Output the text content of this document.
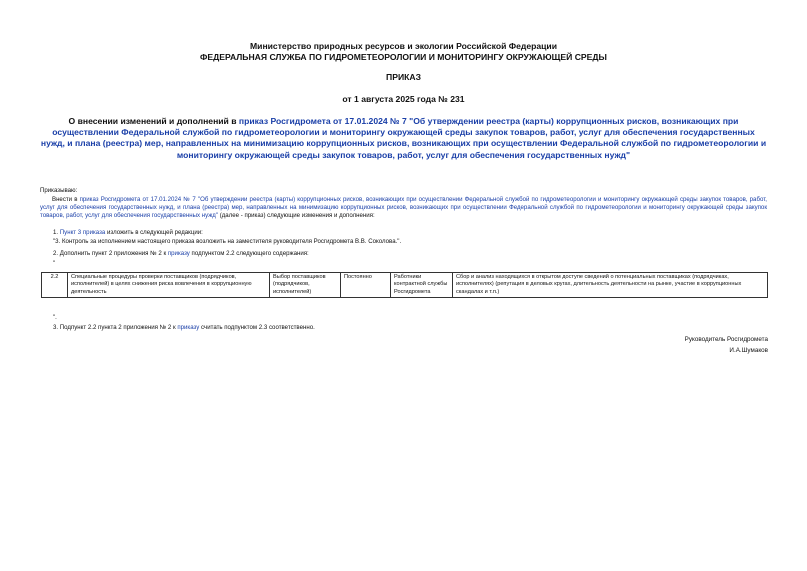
Министерство природных ресурсов и экологии Российской Федерации
ФЕДЕРАЛЬНАЯ СЛУЖБА ПО ГИДРОМЕТЕОРОЛОГИИ И МОНИТОРИНГУ ОКРУЖАЮЩЕЙ СРЕДЫ
ПРИКАЗ
от 1 августа 2025 года № 231
О внесении изменений и дополнений в приказ Росгидромета от 17.01.2024 № 7 "Об утверждении реестра (карты) коррупционных рисков, возникающих при осуществлении Федеральной службой по гидрометеорологии и мониторингу окружающей среды закупок товаров, работ, услуг для обеспечения государственных нужд, и плана (реестра) мер, направленных на минимизацию коррупционных рисков, возникающих при осуществлении Федеральной службой по гидрометеорологии и мониторингу окружающей среды закупок товаров, работ, услуг для обеспечения государственных нужд"
Приказываю:
Внести в приказ Росгидромета от 17.01.2024 № 7 "Об утверждении реестра (карты) коррупционных рисков, возникающих при осуществлении Федеральной службой по гидрометеорологии и мониторингу окружающей среды закупок товаров, работ, услуг для обеспечения государственных нужд, и плана (реестра) мер, направленных на минимизацию коррупционных рисков, возникающих при осуществлении Федеральной службой по гидрометеорологии и мониторингу окружающей среды закупок товаров, работ, услуг для обеспечения государственных нужд" (далее - приказ) следующие изменения и дополнения:
1. Пункт 3 приказа изложить в следующей редакции:
"3. Контроль за исполнением настоящего приказа возложить на заместителя руководителя Росгидромета В.В. Соколова.".
2. Дополнить пункт 2 приложения № 2 к приказу подпунктом 2.2 следующего содержания:
"
2.2	Специальные процедуры проверки поставщиков (подрядчиков, исполнителей) в целях снижения риска вовлечения в коррупционную деятельность	Выбор поставщиков (подрядчиков, исполнителей)	Постоянно	Работники контрактной службы Росгидромета	Сбор и анализ находящихся в открытом доступе сведений о потенциальных поставщиках (подрядчиках, исполнителях) (репутация в деловых кругах, длительность деятельности на рынке, участие в коррупционных скандалах и т.п.)
".
3. Подпункт 2.2 пункта 2 приложения № 2 к приказу считать подпунктом 2.3 соответственно.
Руководитель Росгидромета
И.А.Шумаков
